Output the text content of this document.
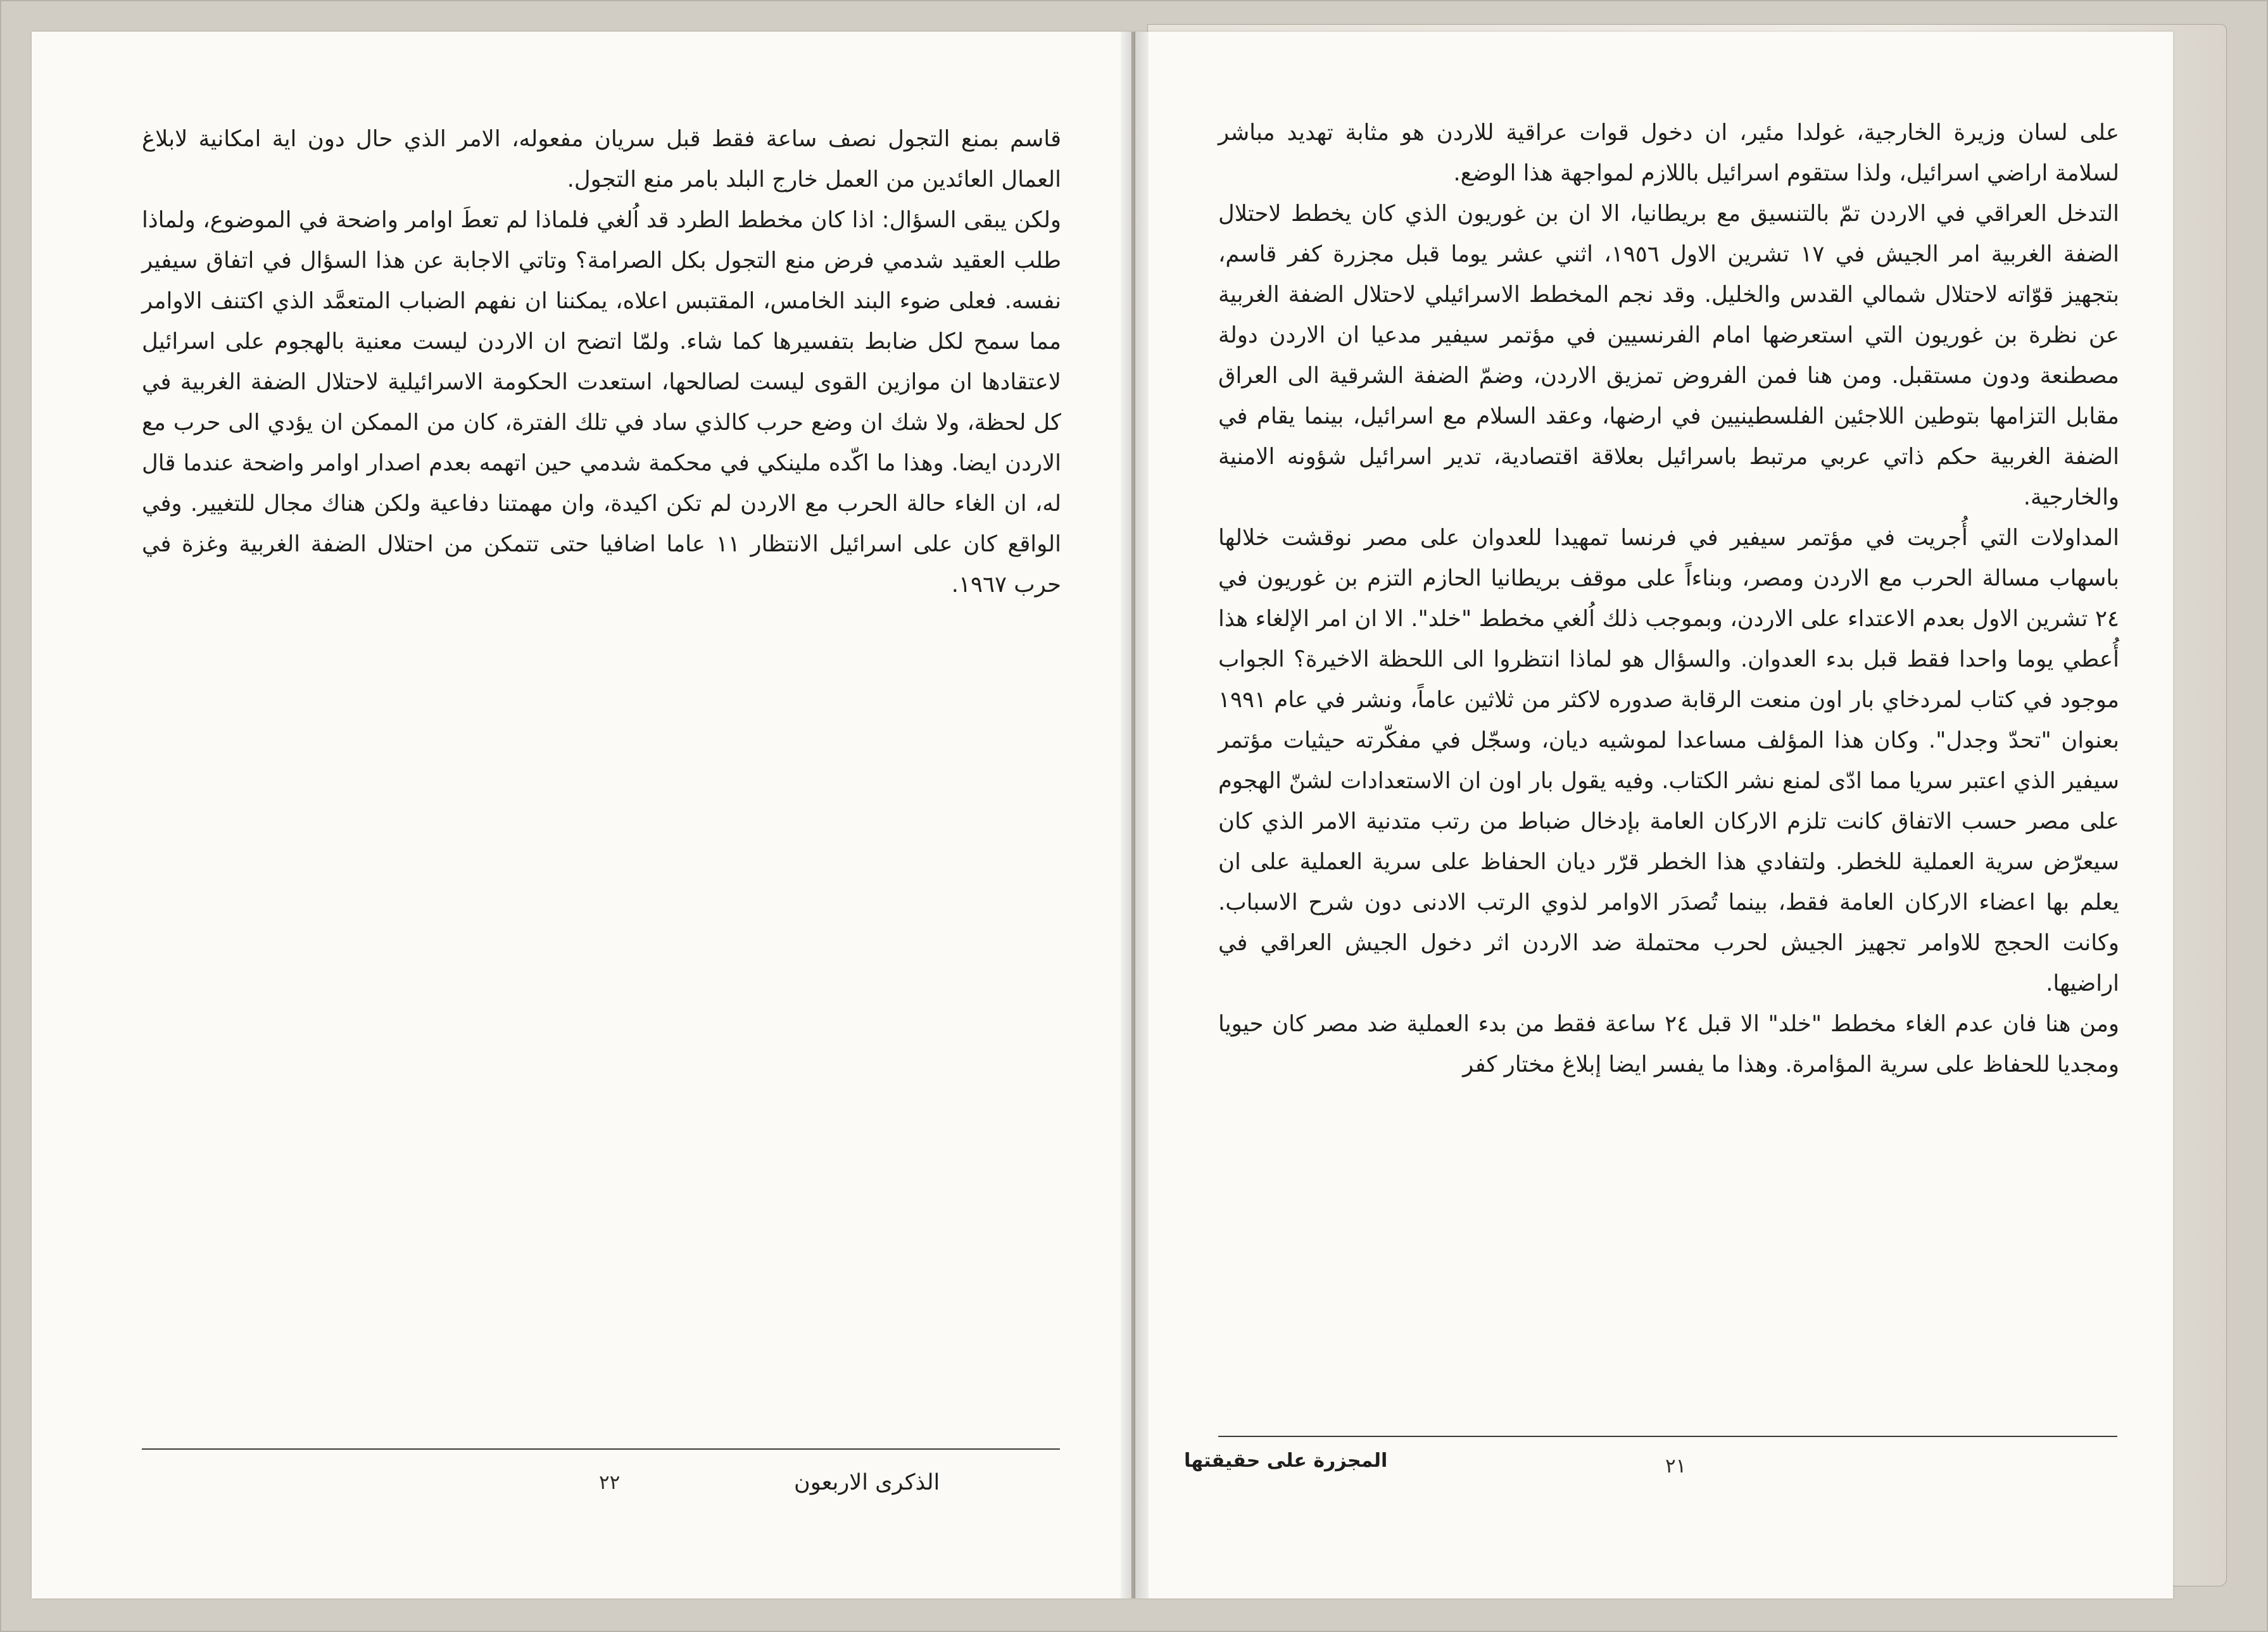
قاسم بمنع التجول نصف ساعة فقط قبل سريان مفعوله، الامر الذي حال دون اية امكانية لابلاغ العمال العائدين من العمل خارج البلد بامر منع التجول.

ولكن يبقى السؤال: اذا كان مخطط الطرد قد اُلغي فلماذا لم تعطَ اوامر واضحة في الموضوع، ولماذا طلب العقيد شدمي فرض منع التجول بكل الصرامة؟ وتاتي الاجابة عن هذا السؤال في اتفاق سيفير نفسه. فعلى ضوء البند الخامس، المقتبس اعلاه، يمكننا ان نفهم الضباب المتعمَّد الذي اكتنف الاوامر مما سمح لكل ضابط بتفسيرها كما شاء. ولمّا اتضح ان الاردن ليست معنية بالهجوم على اسرائيل لاعتقادها ان موازين القوى ليست لصالحها، استعدت الحكومة الاسرائيلية لاحتلال الضفة الغربية في كل لحظة، ولا شك ان وضع حرب كالذي ساد في تلك الفترة، كان من الممكن ان يؤدي الى حرب مع الاردن ايضا. وهذا ما اكّده ملينكي في محكمة شدمي حين اتهمه بعدم اصدار اوامر واضحة عندما قال له، ان الغاء حالة الحرب مع الاردن لم تكن اكيدة، وان مهمتنا دفاعية ولكن هناك مجال للتغيير. وفي الواقع كان على اسرائيل الانتظار ١١ عاما اضافيا حتى تتمكن من احتلال الضفة الغربية وغزة في حرب ١٩٦٧.

الذكرى الاربعون
٢٢

على لسان وزيرة الخارجية، غولدا مئير، ان دخول قوات عراقية للاردن هو مثابة تهديد مباشر لسلامة اراضي اسرائيل، ولذا ستقوم اسرائيل باللازم لمواجهة هذا الوضع.

التدخل العراقي في الاردن تمّ بالتنسيق مع بريطانيا، الا ان بن غوريون الذي كان يخطط لاحتلال الضفة الغربية امر الجيش في ١٧ تشرين الاول ١٩٥٦، اثني عشر يوما قبل مجزرة كفر قاسم، بتجهيز قوّاته لاحتلال شمالي القدس والخليل. وقد نجم المخطط الاسرائيلي لاحتلال الضفة الغربية عن نظرة بن غوريون التي استعرضها امام الفرنسيين في مؤتمر سيفير مدعيا ان الاردن دولة مصطنعة ودون مستقبل. ومن هنا فمن الفروض تمزيق الاردن، وضمّ الضفة الشرقية الى العراق مقابل التزامها بتوطين اللاجئين الفلسطينيين في ارضها، وعقد السلام مع اسرائيل، بينما يقام في الضفة الغربية حكم ذاتي عربي مرتبط باسرائيل بعلاقة اقتصادية، تدير اسرائيل شؤونه الامنية والخارجية.

المداولات التي أُجريت في مؤتمر سيفير في فرنسا تمهيدا للعدوان على مصر نوقشت خلالها باسهاب مسالة الحرب مع الاردن ومصر، وبناءاً على موقف بريطانيا الحازم التزم بن غوريون في ٢٤ تشرين الاول بعدم الاعتداء على الاردن، وبموجب ذلك اُلغي مخطط "خلد". الا ان امر الإلغاء هذا أُعطي يوما واحدا فقط قبل بدء العدوان. والسؤال هو لماذا انتظروا الى اللحظة الاخيرة؟ الجواب موجود في كتاب لمردخاي بار اون منعت الرقابة صدوره لاكثر من ثلاثين عاماً، ونشر في عام ١٩٩١ بعنوان "تحدّ وجدل". وكان هذا المؤلف مساعدا لموشيه ديان، وسجّل في مفكّرته حيثيات مؤتمر سيفير الذي اعتبر سريا مما ادّى لمنع نشر الكتاب. وفيه يقول بار اون ان الاستعدادات لشنّ الهجوم على مصر حسب الاتفاق كانت تلزم الاركان العامة بإدخال ضباط من رتب متدنية الامر الذي كان سيعرّض سرية العملية للخطر. ولتفادي هذا الخطر قرّر ديان الحفاظ على سرية العملية على ان يعلم بها اعضاء الاركان العامة فقط، بينما تُصدَر الاوامر لذوي الرتب الادنى دون شرح الاسباب. وكانت الحجج للاوامر تجهيز الجيش لحرب محتملة ضد الاردن اثر دخول الجيش العراقي في اراضيها.

ومن هنا فان عدم الغاء مخطط "خلد" الا قبل ٢٤ ساعة فقط من بدء العملية ضد مصر كان حيويا ومجديا للحفاظ على سرية المؤامرة. وهذا ما يفسر ايضا إبلاغ مختار كفر

المجزرة على حقيقتها	٢١
